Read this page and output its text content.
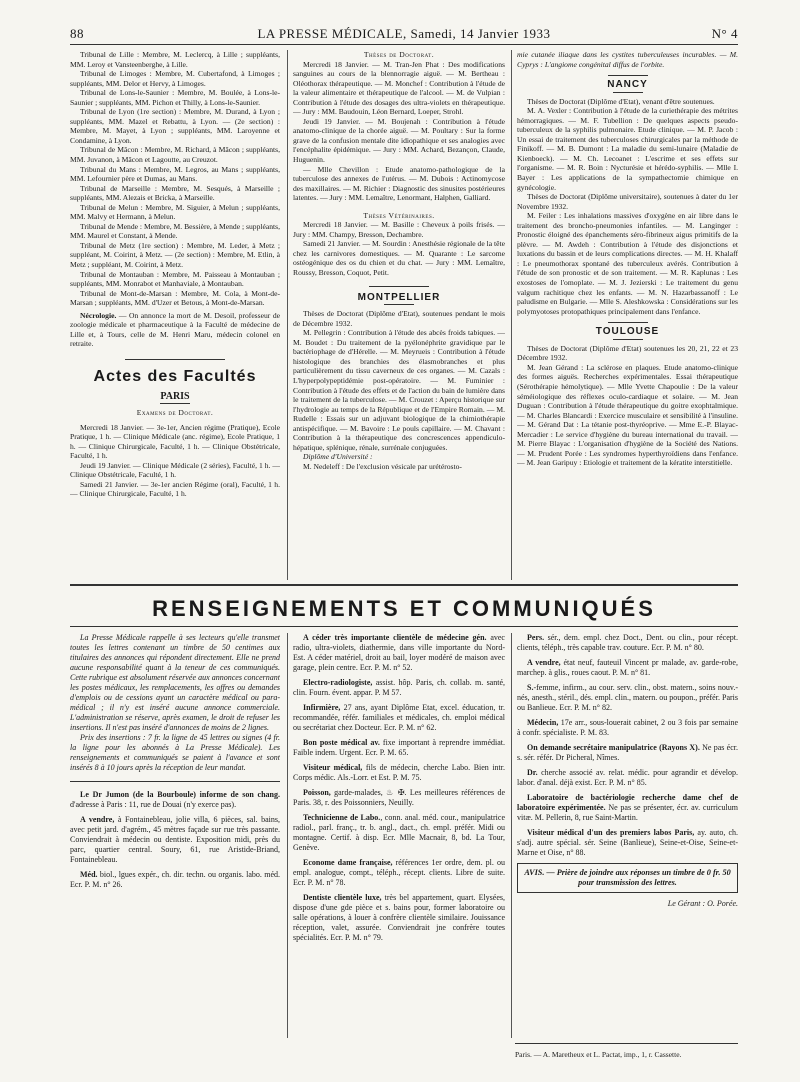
88	LA PRESSE MÉDICALE, Samedi, 14 Janvier 1933	N° 4

Tribunal de Lille : Membre, M. Leclercq, à Lille ; suppléants, MM. Leroy et Vansteenberghe, à Lille.

Tribunal de Limoges : Membre, M. Cubertafond, à Limoges ; suppléants, MM. Delor et Hervy, à Limoges.

Tribunal de Lons-le-Saunier : Membre, M. Boulée, à Lons-le-Saunier ; suppléants, MM. Pichon et Thilly, à Lons-le-Saunier.

Tribunal de Lyon (1re section) : Membre, M. Durand, à Lyon ; suppléants, MM. Mazel et Rebattu, à Lyon. — (2e section) : Membre, M. Mayet, à Lyon ; suppléants, MM. Laroyenne et Condamine, à Lyon.

Tribunal de Mâcon : Membre, M. Richard, à Mâcon ; suppléants, MM. Juvanon, à Mâcon et Lagoutte, au Creuzot.

Tribunal du Mans : Membre, M. Legros, au Mans ; suppléants, MM. Lefournier père et Dumas, au Mans.

Tribunal de Marseille : Membre, M. Sesqués, à Marseille ; suppléants, MM. Alezais et Bricka, à Marseille.

Tribunal de Melun : Membre, M. Siguier, à Melun ; suppléants, MM. Malvy et Hermann, à Melun.

Tribunal de Mende : Membre, M. Bessière, à Mende ; suppléants, MM. Maurel et Constant, à Mende.

Tribunal de Metz (1re section) : Membre, M. Leder, à Metz ; suppléant, M. Coirint, à Metz. — (2e section) : Membre, M. Etlin, à Metz ; suppléant, M. Coirint, à Metz.

Tribunal de Montauban : Membre, M. Paisseau à Montauban ; suppléants, MM. Monrabot et Manhaviale, à Montauban.

Tribunal de Mont-de-Marsan : Membre, M. Cola, à Mont-de-Marsan ; suppléants, MM. d'Uzer et Betous, à Mont-de-Marsan.

Nécrologie. — On annonce la mort de M. Desoil, professeur de zoologie médicale et pharmaceutique à la Faculté de médecine de Lille et, à Tours, celle de M. Henri Maru, médecin colonel en retraite.

Actes des Facultés
PARIS
Examens de Doctorat.

Mercredi 18 Janvier. — 3e-1er, Ancien régime (Pratique), Ecole Pratique, 1 h. — Clinique Médicale (anc. régime), Ecole Pratique, 1 h. — Clinique Chirurgicale, Faculté, 1 h. — Clinique Obstétricale, Faculté, 1 h.

Jeudi 19 Janvier. — Clinique Médicale (2 séries), Faculté, 1 h. — Clinique Obstétricale, Faculté, 1 h.

Samedi 21 Janvier. — 3e-1er ancien Régime (oral), Faculté, 1 h. — Clinique Chirurgicale, Faculté, 1 h.

Thèses de Doctorat.

Mercredi 18 Janvier. — M. Tran-Jen Phat : Des modifications sanguines au cours de la blennorragie aiguë. — M. Bertheau : Oléothorax thérapeutique. — M. Monchef : Contribution à l'étude de la valeur alimentaire et thérapeutique de l'alcool. — M. de Vulpian : Contribution à l'étude des dosages des ultra-violets en thérapeutique. — Jury : MM. Baudouin, Léon Bernard, Loeper, Strohl.

Jeudi 19 Janvier. — M. Boujenah : Contribution à l'étude anatomo-clinique de la chorée aiguë. — M. Poultary : Sur la forme grave de la confusion mentale dite idiopathique et ses analogies avec l'encéphalite épidémique. — Jury : MM. Achard, Bezançon, Claude, Huguenin.

— Mlle Chevillon : Etude anatomo-pathologique de la tuberculose des annexes de l'utérus. — M. Dubois : Actinomycose des maxillaires. — M. Richier : Diagnostic des sinusites postérieures latentes. — Jury : MM. Lemaître, Lenormant, Halphen, Galliard.

Thèses Vétérinaires.

Mercredi 18 Janvier. — M. Basille : Cheveux à poils frisés. — Jury : MM. Champy, Bresson, Dechambre.

Samedi 21 Janvier. — M. Sourdin : Anesthésie régionale de la tête chez les carnivores domestiques. — M. Quarante : Le sarcome ostéogénique des os du chien et du chat. — Jury : MM. Lemaître, Roussy, Bresson, Coquot, Petit.

MONTPELLIER

Thèses de Doctorat (Diplôme d'Etat), soutenues pendant le mois de Décembre 1932.

M. Pellegrin : Contribution à l'étude des abcès froids tabiques. — M. Boudet : Du traitement de la pyélonéphrite gravidique par le bactériophage de d'Hérelle. — M. Meyrueis : Contribution à l'étude histologique des branchies des élasmobranches et plus particulièrement du tissu caverneux de ces organes. — M. Cazals : L'hyperpolypeptidémie post-opératoire. — M. Fuminier : Contribution à l'étude des effets et de l'action du bain de lumière dans le traitement de la tuberculose. — M. Crouzet : Aperçu historique sur l'hydrologie au temps de la République et de l'Empire Romain. — M. Rudelle : Essais sur un adjuvant biologique de la chimiothérapie antispécifique. — M. Bavoire : Le pouls capillaire. — M. Chavant : Contribution à la thérapeutique des concrescences appendiculo-hépatique, splénique, rénale, surrénale conjuguées.

Diplôme d'Université :

M. Nedeleff : De l'exclusion vésicale par urétérosto-

mie cutanée iliaque dans les cystites tuberculeuses incurables. — M. Cyprys : L'angiome congénital diffus de l'orbite.

NANCY

Thèses de Doctorat (Diplôme d'Etat), venant d'être soutenues.

M. A. Vexler : Contribution à l'étude de la curiethérapie des métrites hémorragiques. — M. F. Tubellion : De quelques aspects pseudo-tuberculeux de la syphilis pulmonaire. Etude clinique. — M. P. Jacob : Un essai de traitement des tuberculoses chirurgicales par la méthode de Finikoff. — M. B. Dumont : La maladie du semi-lunaire (Maladie de Kienboeck). — M. Ch. Lecoanet : L'escrime et ses effets sur l'organisme. — M. R. Boin : Nycturésie et hérédo-syphilis. — Mlle I. Bayer : Les applications de la sympathectomie chimique en gynécologie.

Thèses de Doctorat (Diplôme universitaire), soutenues à dater du 1er Novembre 1932.

M. Feiler : Les inhalations massives d'oxygène en air libre dans le traitement des broncho-pneumonies infantiles. — M. Langinger : Pronostic éloigné des épanchements séro-fibrineux aigus primitifs de la plèvre. — M. Awdeh : Contribution à l'étude des disjonctions et luxations du bassin et de leurs complications directes. — M. H. Khalaff : Le pneumothorax spontané des tuberculeux avérés. Contribution à l'étude de son pronostic et de son traitement. — M. R. Kaplunas : Les exostoses de l'omoplate. — M. J. Jezierski : Le traitement du genu valgum rachitique chez les enfants. — M. N. Hazarbassanoff : Le paludisme en Bulgarie. — Mlle S. Aleshkowska : Considérations sur les polymyotoses protopathiques principalement dans l'enfance.

TOULOUSE

Thèses de Doctorat (Diplôme d'Etat) soutenues les 20, 21, 22 et 23 Décembre 1932.

M. Jean Gérand : La sclérose en plaques. Etude anatomo-clinique des formes aiguës. Recherches expérimentales. Essai thérapeutique (Sérothérapie hémolytique). — Mlle Yvette Chapoulie : De la valeur séméiologique des réflexes oculo-cardiaque et solaire. — M. Jean Duguan : Contribution à l'étude thérapeutique du goitre exophtalmique. — M. Charles Blancardi : Exercice musculaire et sensibilité à l'insuline. — M. Gérand Dat : La tétanie post-thyréoprive. — Mme E.-P. Blayac-Mercadier : Le service d'hygiène du bureau international du travail. — M. Pierre Blayac : L'organisation d'hygiène de la Société des Nations. — M. Prudent Porée : Les syndromes hyperthyroïdiens dans l'enfance. — M. Jean Garipuy : Etiologie et traitement de la kératite interstitielle.

RENSEIGNEMENTS ET COMMUNIQUÉS

La Presse Médicale rappelle à ses lecteurs qu'elle transmet toutes les lettres contenant un timbre de 50 centimes aux titulaires des annonces qui répondent directement. Elle ne prend aucune responsabilité quant à la teneur de ces communiqués. Cette rubrique est absolument réservée aux annonces concernant les postes médicaux, les remplacements, les offres ou demandes d'emplois ou de cessions ayant un caractère médical ou para-médical ; il n'y est inséré aucune annonce commerciale. L'administration se réserve, après examen, le droit de refuser les insertions. Il n'est pas inséré d'annonces de moins de 2 lignes.

Prix des insertions : 7 fr. la ligne de 45 lettres ou signes (4 fr. la ligne pour les abonnés à La Presse Médicale). Les renseignements et communiqués se paient à l'avance et sont insérés 8 à 10 jours après la réception de leur mandat.

Le Dr Jumon (de la Bourboule) informe de son chang. d'adresse à Paris : 11, rue de Douai (n'y exerce pas).

A vendre, à Fontainebleau, jolie villa, 6 pièces, sal. bains, avec petit jard. d'agrém., 45 mètres façade sur rue très passante. Conviendrait à médecin ou dentiste. Exposition midi, près du parc, quartier central. Soury, 61, rue Aristide-Briand, Fontainebleau.

Méd. biol., lgues expér., ch. dir. techn. ou organis. labo. méd. Ecr. P. M. n° 26.

A céder très importante clientèle de médecine gén. avec radio, ultra-violets, diathermie, dans ville importante du Nord-Est. A céder matériel, droit au bail, loyer modéré de maison avec garage, plein centre. Ecr. P. M. n° 52.

Electro-radiologiste, assist. hôp. Paris, ch. collab. m. santé, clin. Fourn. évent. appar. P. M 57.

Infirmière, 27 ans, ayant Diplôme Etat, excel. éducation, tr. recommandée, référ. familiales et médicales, ch. emploi médical ou secrétariat chez Docteur. Ecr. P. M. n° 62.

Bon poste médical av. fixe important à reprendre immédiat. Faible indem. Urgent. Ecr. P. M. 65.

Visiteur médical, fils de médecin, cherche Labo. Bien intr. Corps médic. Als.-Lorr. et Est. P. M. 75.

Poisson, garde-malades, ♨ ✠. Les meilleures références de Paris. 38, r. des Poissonniers, Neuilly.

Technicienne de Labo., conn. anal. méd. cour., manipulatrice radiol., parl. franç., tr. b. angl., dact., ch. empl. préfér. Midi ou montagne. Certif. à disp. Ecr. Mlle Macnair, 8, bd. La Tour, Genève.

Econome dame française, références 1er ordre, dem. pl. ou empl. analogue, compt., téléph., récept. clients. Libre de suite. Ecr. P. M. n° 78.

Dentiste clientèle luxe, très bel appartement, quart. Elysées, dispose d'une gde pièce et s. bains pour, former laboratoire ou salle opérations, à louer à confrère clientèle similaire. Jouissance réception, valet, assurée. Conviendrait jne confrère toutes spécialités. Ecr. P. M. n° 79.

Pers. sér., dem. empl. chez Doct., Dent. ou clin., pour récept. clients, téléph., très capable trav. couture. Ecr. P. M. n° 80.

A vendre, état neuf, fauteuil Vincent pr malade, av. garde-robe, marchep. à glis., roues caout. P. M. n° 81.

S.-femme, infirm., au cour. serv. clin., obst. matern., soins nouv.-nés, anesth., stéril., dés. empl. clin., matern. ou poupon., préfér. Paris ou Banlieue. Ecr. P. M. n° 82.

Médecin, 17e arr., sous-louerait cabinet, 2 ou 3 fois par semaine à confr. spécialiste. P. M. 83.

On demande secrétaire manipulatrice (Rayons X). Ne pas écr. s. sér. référ. Dr Picheral, Nîmes.

Dr. cherche associé av. relat. médic. pour agrandir et dévelop. labor. d'anal. déjà exist. Ecr. P. M. n° 85.

Laboratoire de bactériologie recherche dame chef de laboratoire expérimentée. Ne pas se présenter, écr. av. curriculum vitæ. M. Pellerin, 8, rue Saint-Martin.

Visiteur médical d'un des premiers labos Paris, ay. auto, ch. s'adj. autre spécial. sér. Seine (Banlieue), Seine-et-Oise, Seine-et-Marne et Oise, n° 88.

AVIS. — Prière de joindre aux réponses un timbre de 0 fr. 50 pour transmission des lettres.
Le Gérant : O. Porée.
Paris. — A. Maretheux et L. Pactat, imp., 1, r. Cassette.
